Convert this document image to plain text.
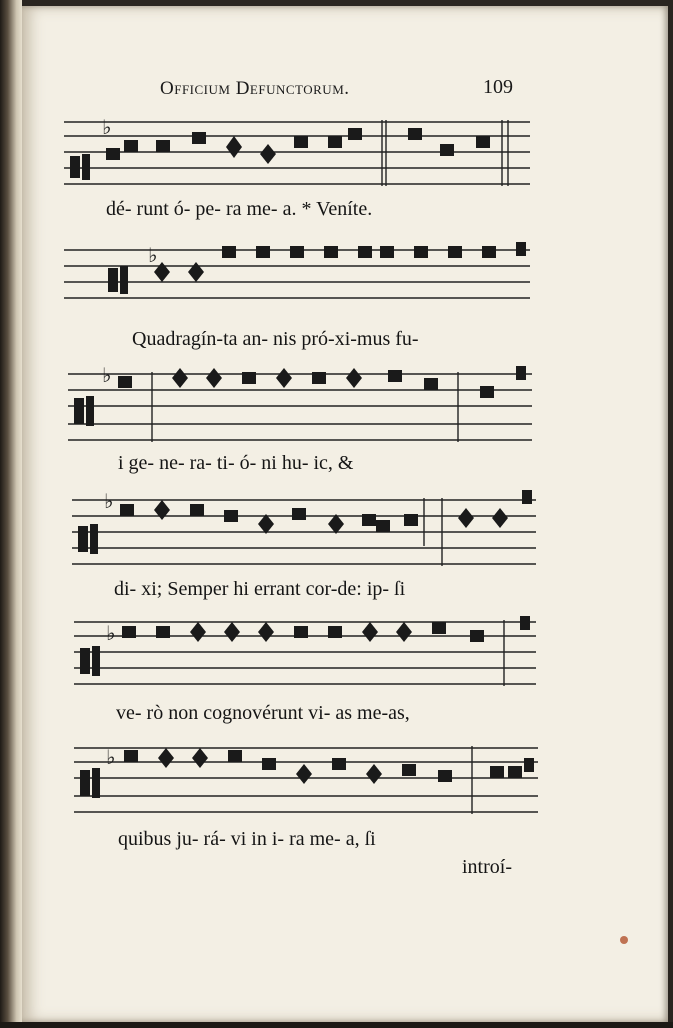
Officium Defunctorum.	109
♭
dé- runt ó- pe- ra me- a. * Veníte.
♭
Quadragín-ta an- nis pró-xi-mus fu-
♭
i ge- ne- ra- ti- ó- ni hu- ic, &
♭
di- xi; Semper hi errant cor-de: ip- ſi
♭
ve- rò non cognovérunt vi- as me-as,
♭
quibus ju- rá- vi in i- ra me- a, ſi
introí-
